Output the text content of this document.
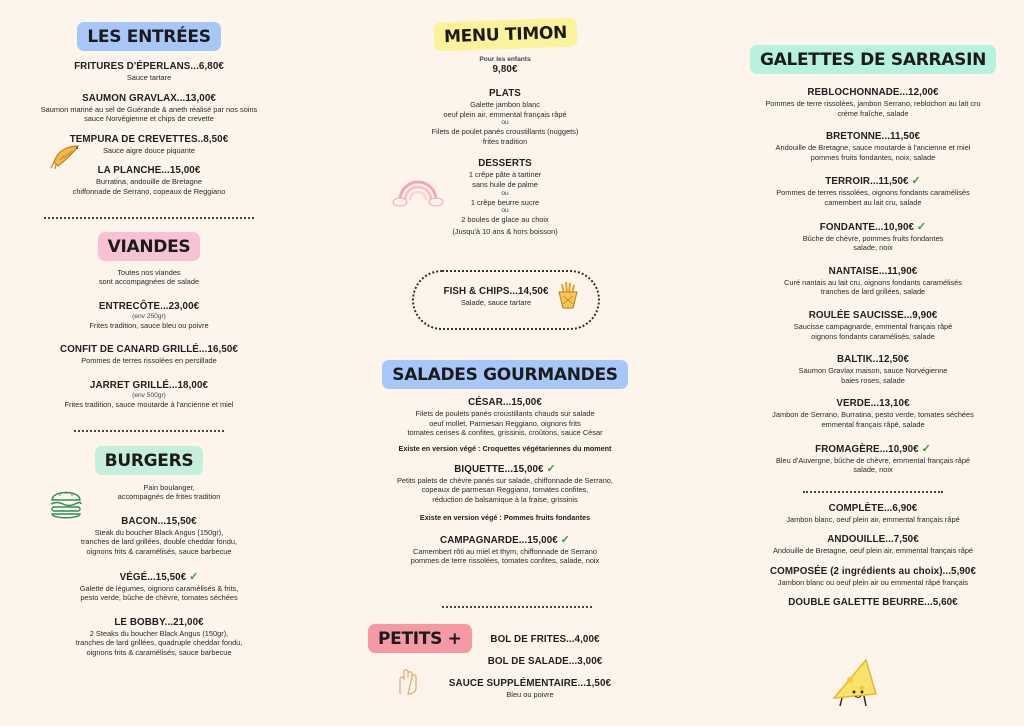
LES ENTRÉES
FRITURES D'ÉPERLANS...6,80€
Sauce tartare
SAUMON GRAVLAX...13,00€
Saumon mariné au sel de Guérande & aneth réalisé par nos soins
sauce Norvégienne et chips de crevette
TEMPURA DE CREVETTES..8,50€
Sauce aigre douce piquante
LA PLANCHE...15,00€
Burratina, andouille de Bretagne
chiffonnade de Serrano, copeaux de Reggiano
VIANDES
Toutes nos viandes
sont accompagnées de salade
ENTRECÔTE...23,00€
(env 250gr)
Frites tradition, sauce bleu ou poivre
CONFIT DE CANARD GRILLÉ...16,50€
Pommes de terres rissolées en persillade
JARRET GRILLÉ...18,00€
(env 500gr)
Frites tradition, sauce moutarde à l'ancienne et miel
BURGERS
Pain boulanger,
accompagnés de frites tradition
BACON...15,50€
Steak du boucher Black Angus (150gr),
tranches de lard grillées, double cheddar fondu,
oignons frits & caramélisés, sauce barbecue
VÉGÉ...15,50€ ✓
Galette de légumes, oignons caramélisés & frits,
pesto verde, bûche de chèvre, tomates séchées
LE BOBBY...21,00€
2 Steaks du boucher Black Angus (150gr),
tranches de lard grillées, quadruple cheddar fondu,
oignons frits & caramélisés, sauce barbecue
MENU TIMON
Pour les enfants
9,80€
PLATS
Galette jambon blanc
oeuf plein air, emmental français râpé
ou
Filets de poulet panés croustillants (nuggets)
frites tradition
DESSERTS
1 crêpe pâte à tartiner
sans huile de palme
ou
1 crêpe beurre sucre
ou
2 boules de glace au choix
(Jusqu'à 10 ans & hors boisson)
FISH & CHIPS...14,50€
Salade, sauce tartare
SALADES GOURMANDES
CÉSAR...15,00€
Filets de poulets panés croustillants chauds sur salade
oeuf mollet, Parmesan Reggiano, oignons frits
tomates cerises & confites, grissinis, croûtons, sauce César
Existe en version végé : Croquettes végétariennes du moment
BIQUETTE...15,00€ ✓
Petits palets de chèvre panés sur salade, chiffonnade de Serrano,
copeaux de parmesan Reggiano, tomates confites,
réduction de balsamique à la fraise, grissinis
Existe en version végé : Pommes fruits fondantes
CAMPAGNARDE...15,00€ ✓
Camembert rôti au miel et thym, chiffonnade de Serrano
pommes de terre rissolées, tomates confites, salade, noix
PETITS +	BOL DE FRITES...4,00€
BOL DE SALADE...3,00€
SAUCE SUPPLÉMENTAIRE...1,50€
Bleu ou poivre
GALETTES DE SARRASIN
REBLOCHONNADE...12,00€
Pommes de terre rissolées, jambon Serrano, reblochon au lait cru
crème fraîche, salade
BRETONNE...11,50€
Andouille de Bretagne, sauce moutarde à l'ancienne et miel
pommes fruits fondantes, noix, salade
TERROIR...11,50€ ✓
Pommes de terres rissolées, oignons fondants caramélisés
camembert au lait cru, salade
FONDANTE...10,90€ ✓
Bûche de chèvre, pommes fruits fondantes
salade, noix
NANTAISE...11,90€
Curé nantais au lait cru, oignons fondants caramélisés
tranches de lard grillées, salade
ROULÉE SAUCISSE...9,90€
Saucisse campagnarde, emmental français râpé
oignons fondants caramélisés, salade
BALTIK..12,50€
Saumon Gravlax maison, sauce Norvégienne
baies roses, salade
VERDE...13,10€
Jambon de Serrano, Burratina, pesto verde, tomates séchées
emmental français râpé, salade
FROMAGÈRE...10,90€ ✓
Bleu d'Auvergne, bûche de chèvre, emmental français râpé
salade, noix
COMPLÈTE...6,90€
Jambon blanc, oeuf plein air, emmental français râpé
ANDOUILLE...7,50€
Andouille de Bretagne, oeuf plein air, emmental français râpé
COMPOSÉE (2 ingrédients au choix)...5,90€
Jambon blanc ou oeuf plein air ou emmental râpé français
DOUBLE GALETTE BEURRE...5,60€
